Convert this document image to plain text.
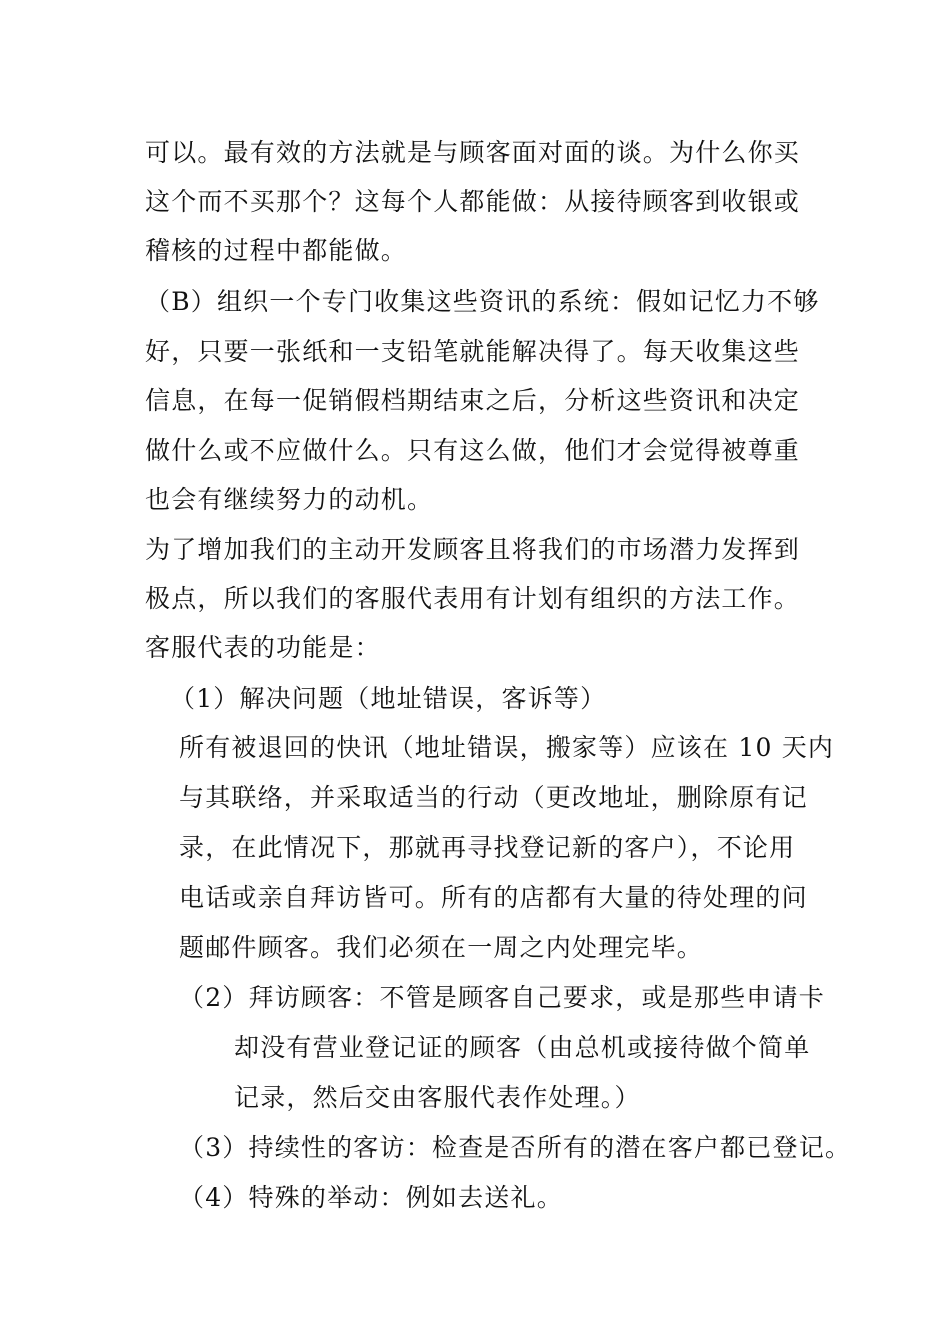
可以。最有效的方法就是与顾客面对面的谈。为什么你买
这个而不买那个？这每个人都能做：从接待顾客到收银或
稽核的过程中都能做。
（B）组织一个专门收集这些资讯的系统：假如记忆力不够
好，只要一张纸和一支铅笔就能解决得了。每天收集这些
信息，在每一促销假档期结束之后，分析这些资讯和决定
做什么或不应做什么。只有这么做，他们才会觉得被尊重
也会有继续努力的动机。
为了增加我们的主动开发顾客且将我们的市场潜力发挥到
极点，所以我们的客服代表用有计划有组织的方法工作。
客服代表的功能是：
（1）解决问题（地址错误，客诉等）
所有被退回的快讯（地址错误，搬家等）应该在 10 天内
与其联络，并采取适当的行动（更改地址，删除原有记
录，在此情况下，那就再寻找登记新的客户），不论用
电话或亲自拜访皆可。所有的店都有大量的待处理的问
题邮件顾客。我们必须在一周之内处理完毕。
（2）拜访顾客：不管是顾客自己要求，或是那些申请卡
却没有营业登记证的顾客（由总机或接待做个简单
记录，然后交由客服代表作处理。）
（3）持续性的客访：检查是否所有的潜在客户都已登记。
（4）特殊的举动：例如去送礼。
